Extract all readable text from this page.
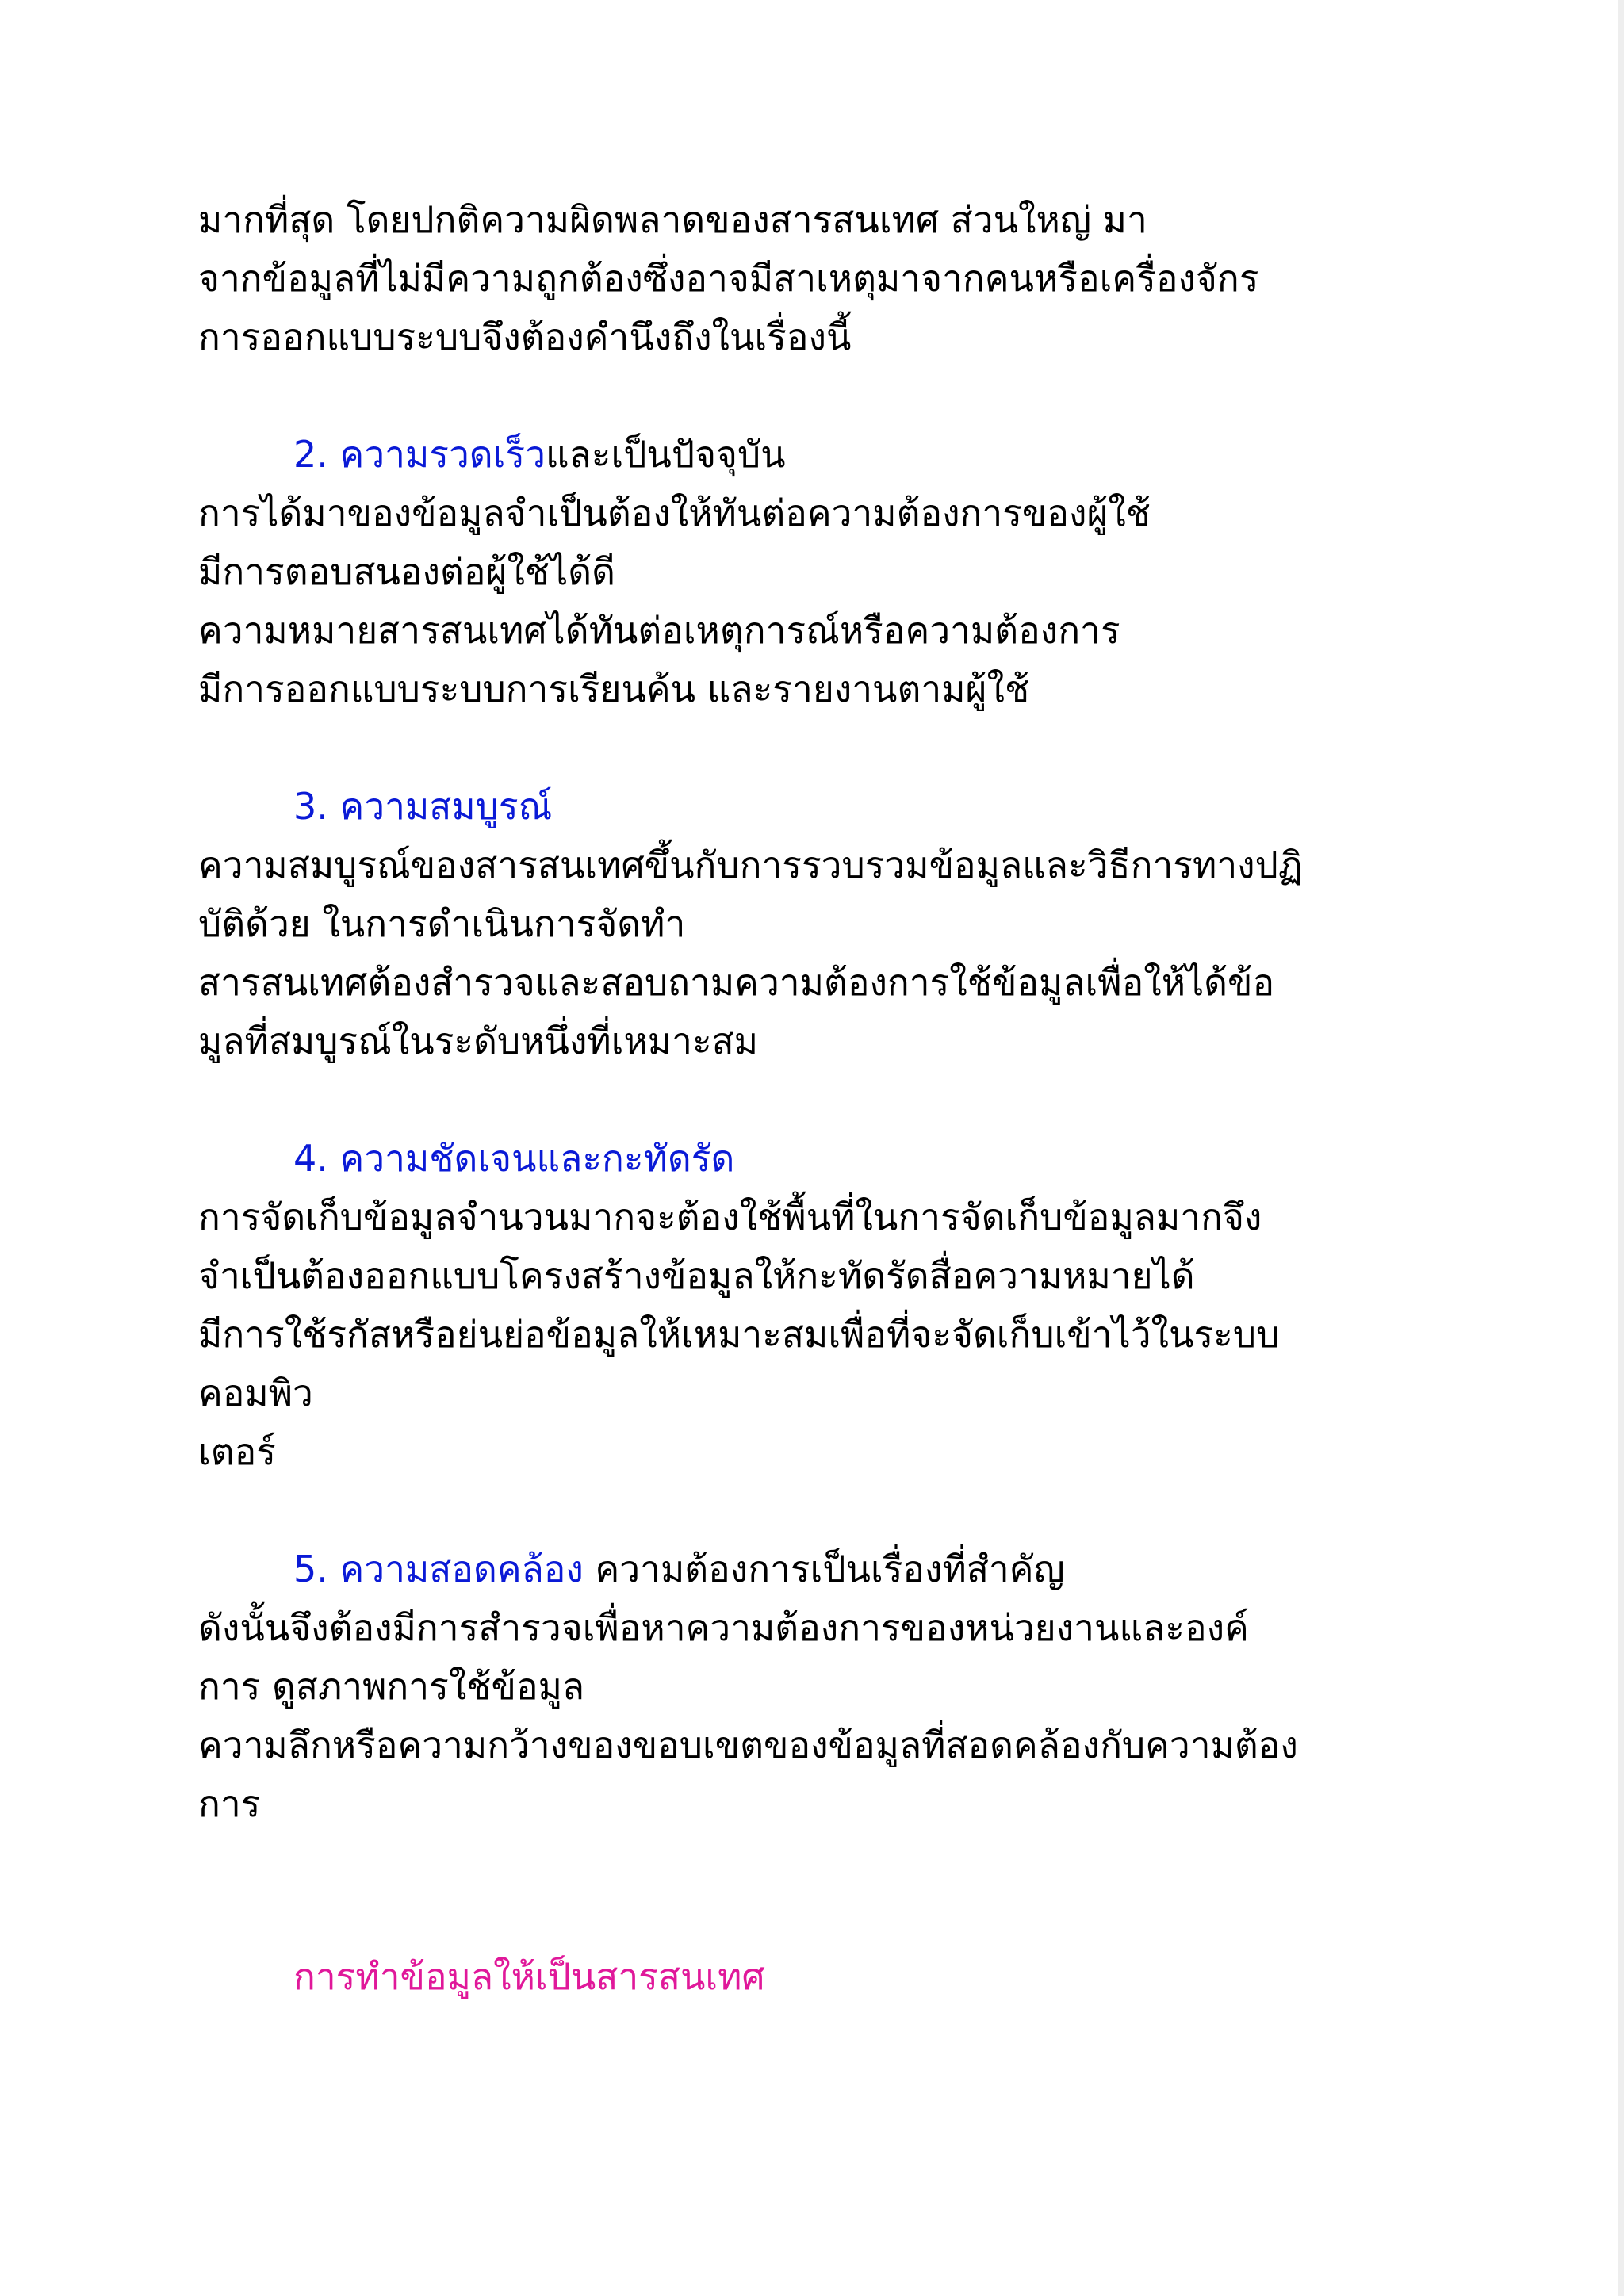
มากที่สุด โดยปกติความผิดพลาดของสารสนเทศ ส่วนใหญ่ มา

จากข้อมูลที่ไม่มีความถูกต้องซึ่งอาจมีสาเหตุมาจากคนหรือเครื่องจักร

การออกแบบระบบจึงต้องคำนึงถึงในเรื่องนี้

2. ความรวดเร็วและเป็นปัจจุบัน

การได้มาของข้อมูลจำเป็นต้องให้ทันต่อความต้องการของผู้ใช้

มีการตอบสนองต่อผู้ใช้ได้ดี

ความหมายสารสนเทศได้ทันต่อเหตุการณ์หรือความต้องการ

มีการออกแบบระบบการเรียนค้น และรายงานตามผู้ใช้

3. ความสมบูรณ์

ความสมบูรณ์ของสารสนเทศขึ้นกับการรวบรวมข้อมูลและวิธีการทางปฏิ

บัติด้วย ในการดำเนินการจัดทำ

สารสนเทศต้องสำรวจและสอบถามความต้องการใช้ข้อมูลเพื่อให้ได้ข้อ

มูลที่สมบูรณ์ในระดับหนึ่งที่เหมาะสม

4. ความชัดเจนและกะทัดรัด

การจัดเก็บข้อมูลจำนวนมากจะต้องใช้พื้นที่ในการจัดเก็บข้อมูลมากจึง

จำเป็นต้องออกแบบโครงสร้างข้อมูลให้กะทัดรัดสื่อความหมายได้

มีการใช้รกัสหรือย่นย่อข้อมูลให้เหมาะสมเพื่อที่จะจัดเก็บเข้าไว้ในระบบ

คอมพิว

เตอร์

5. ความสอดคล้อง ความต้องการเป็นเรื่องที่สำคัญ

ดังนั้นจึงต้องมีการสำรวจเพื่อหาความต้องการของหน่วยงานและองค์

การ ดูสภาพการใช้ข้อมูล

ความลึกหรือความกว้างของขอบเขตของข้อมูลที่สอดคล้องกับความต้อง

การ

การทำข้อมูลให้เป็นสารสนเทศ
